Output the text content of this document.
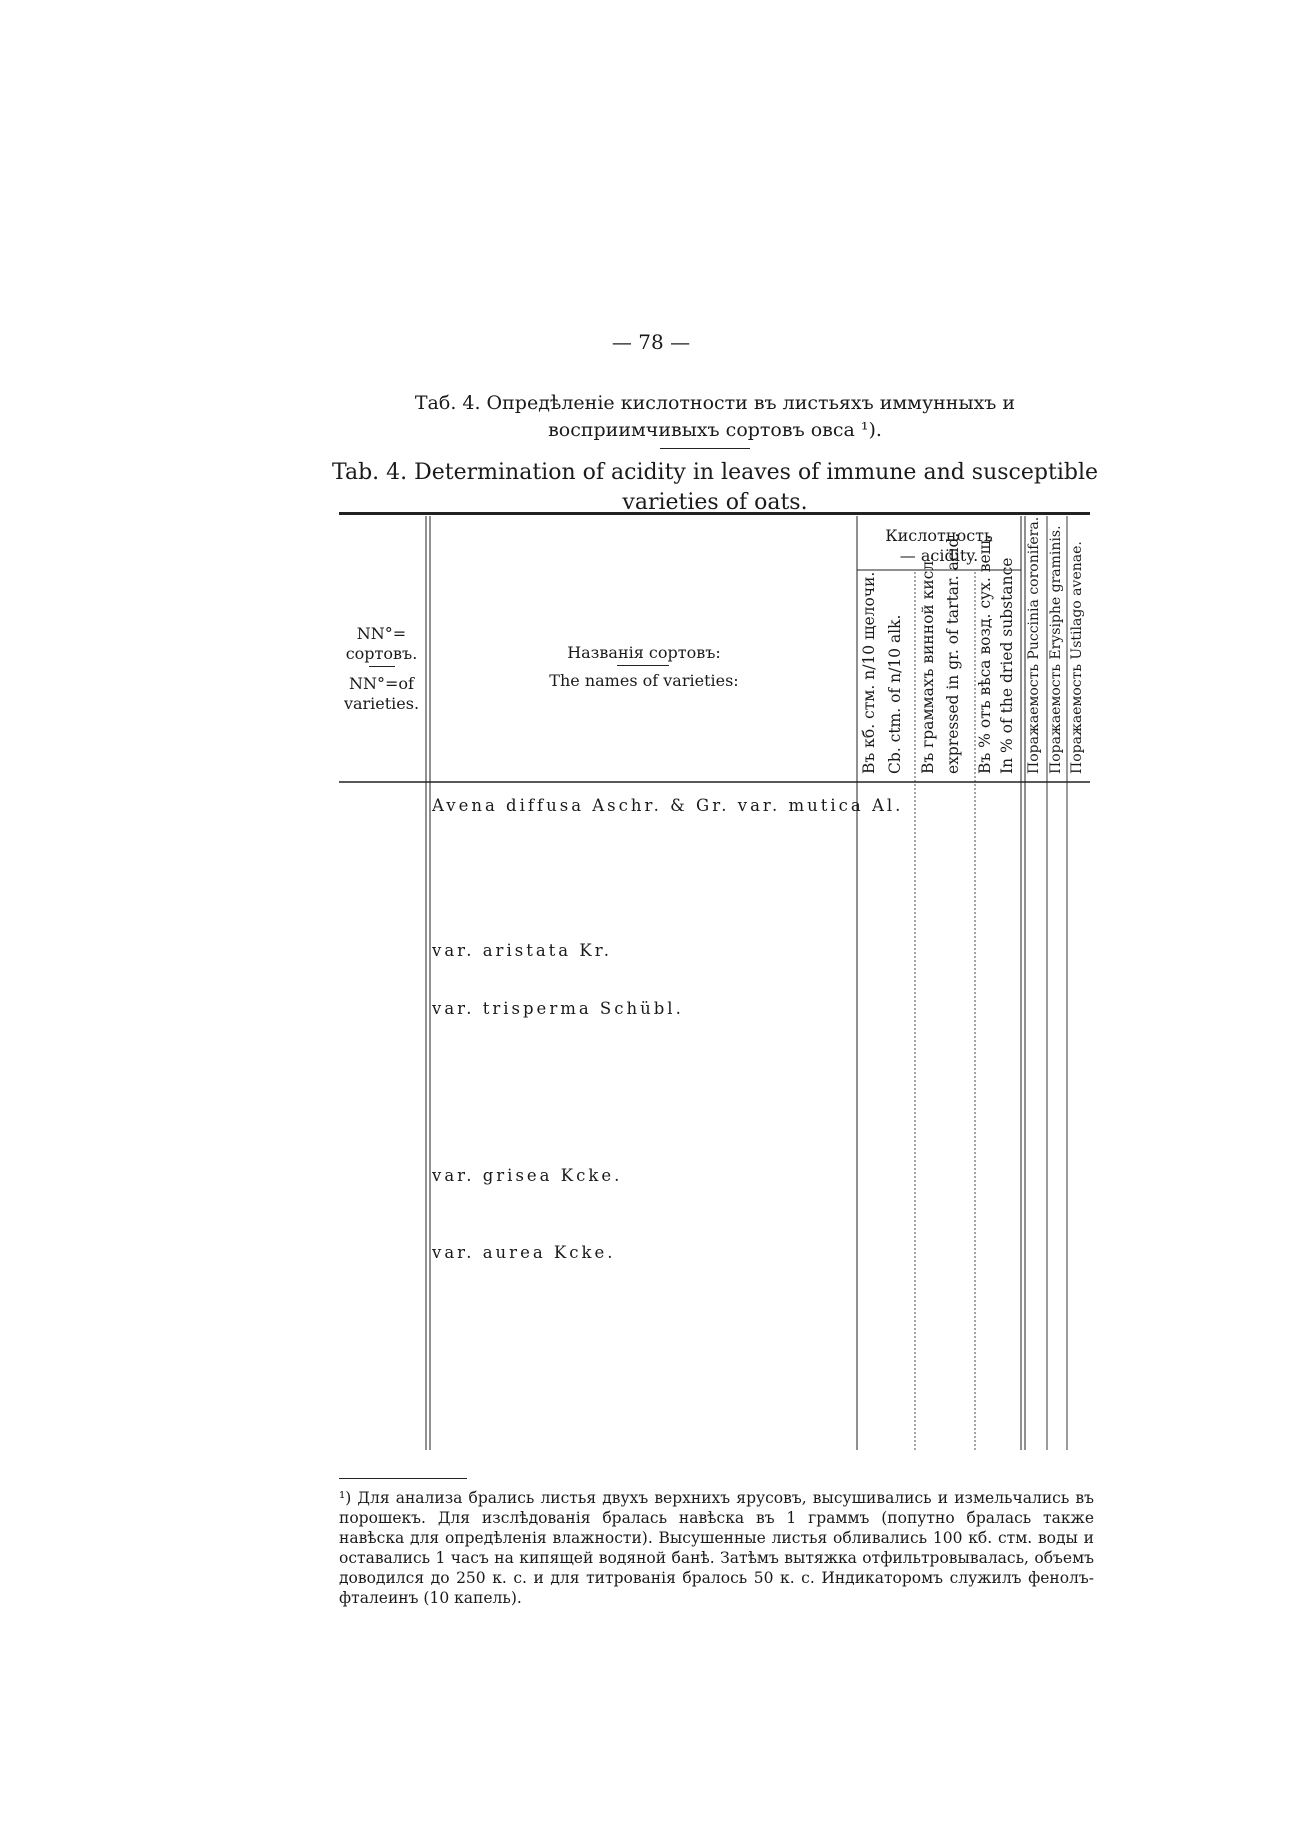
— 78 —
Таб. 4. Опредѣленіе кислотности въ листьяхъ иммунныхъ и восприимчивыхъ сортовъ овса ¹).
Tab. 4. Determination of acidity in leaves of immune and susceptible varieties of oats.
NN°= сортовъ.
NN°=of varieties.
Названія сортовъ:
The names of varieties:
Кислотность— acidity.
Въ кб. стм. n/10 щелочи. Cb. ctm. of n/10 alk. Въ граммахъ винной кисл. expressed in gr. of tartar. acid. Въ % отъ вѣса возд. сух. вещ. In % of the dried substance Поражаемость Puccinia coronifera. Поражаемость Erysiphe graminis. Поражаемость Ustilago avenae.
Avena diffusa Aschr. & Gr. var. mutica Al.
var. aristata Kr.
var. trisperma Schübl.
var. grisea Kcke.
var. aurea Kcke.
¹) Для анализа брались листья двухъ верхнихъ ярусовъ, высушивались и измельчались въ порошекъ. Для изслѣдованія бралась навѣска въ 1 граммъ (попутно бралась также навѣска для опредѣленія влажности). Высушенные листья обливались 100 кб. стм. воды и оставались 1 часъ на кипящей водяной банѣ. Затѣмъ вытяжка отфильтровывалась, объемъ доводился до 250 к. с. и для титрованія бралось 50 к. с. Индикаторомъ служилъ фенолъ-фталеинъ (10 капель).
